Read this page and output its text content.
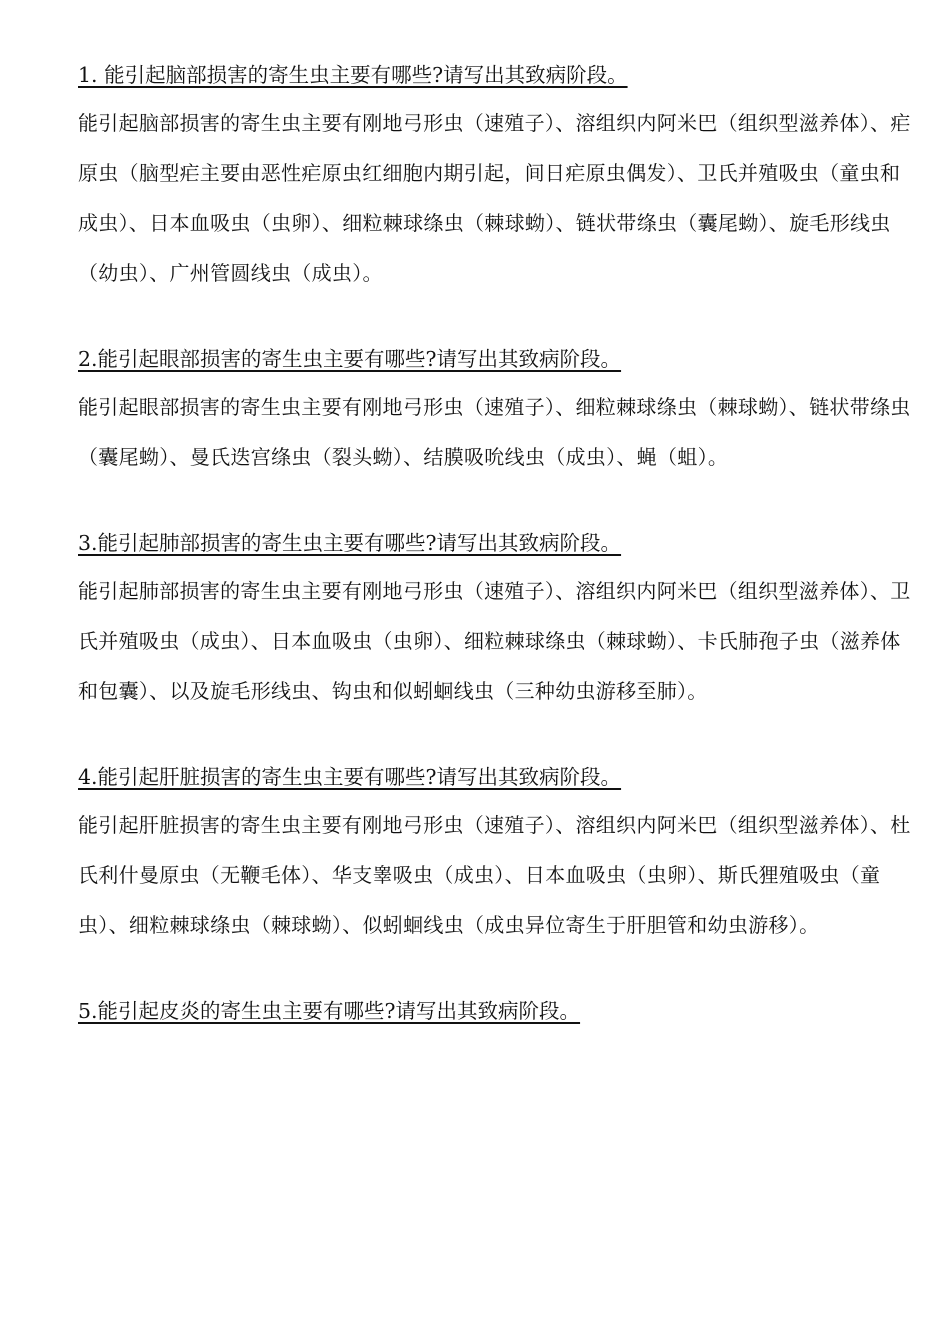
1. 能引起脑部损害的寄生虫主要有哪些?请写出其致病阶段。

能引起脑部损害的寄生虫主要有刚地弓形虫（速殖子）、溶组织内阿米巴（组织型滋养体）、疟原虫（脑型疟主要由恶性疟原虫红细胞内期引起，间日疟原虫偶发）、卫氏并殖吸虫（童虫和成虫）、日本血吸虫（虫卵）、细粒棘球绦虫（棘球蚴）、链状带绦虫（囊尾蚴）、旋毛形线虫（幼虫）、广州管圆线虫（成虫）。

2.能引起眼部损害的寄生虫主要有哪些?请写出其致病阶段。

能引起眼部损害的寄生虫主要有刚地弓形虫（速殖子）、细粒棘球绦虫（棘球蚴）、链状带绦虫（囊尾蚴）、曼氏迭宫绦虫（裂头蚴）、结膜吸吮线虫（成虫）、蝇（蛆）。

3.能引起肺部损害的寄生虫主要有哪些?请写出其致病阶段。

能引起肺部损害的寄生虫主要有刚地弓形虫（速殖子）、溶组织内阿米巴（组织型滋养体）、卫氏并殖吸虫（成虫）、日本血吸虫（虫卵）、细粒棘球绦虫（棘球蚴）、卡氏肺孢子虫（滋养体和包囊）、以及旋毛形线虫、钩虫和似蚓蛔线虫（三种幼虫游移至肺）。

4.能引起肝脏损害的寄生虫主要有哪些?请写出其致病阶段。

能引起肝脏损害的寄生虫主要有刚地弓形虫（速殖子）、溶组织内阿米巴（组织型滋养体）、杜氏利什曼原虫（无鞭毛体）、华支睾吸虫（成虫）、日本血吸虫（虫卵）、斯氏狸殖吸虫（童虫）、细粒棘球绦虫（棘球蚴）、似蚓蛔线虫（成虫异位寄生于肝胆管和幼虫游移）。

5.能引起皮炎的寄生虫主要有哪些?请写出其致病阶段。
